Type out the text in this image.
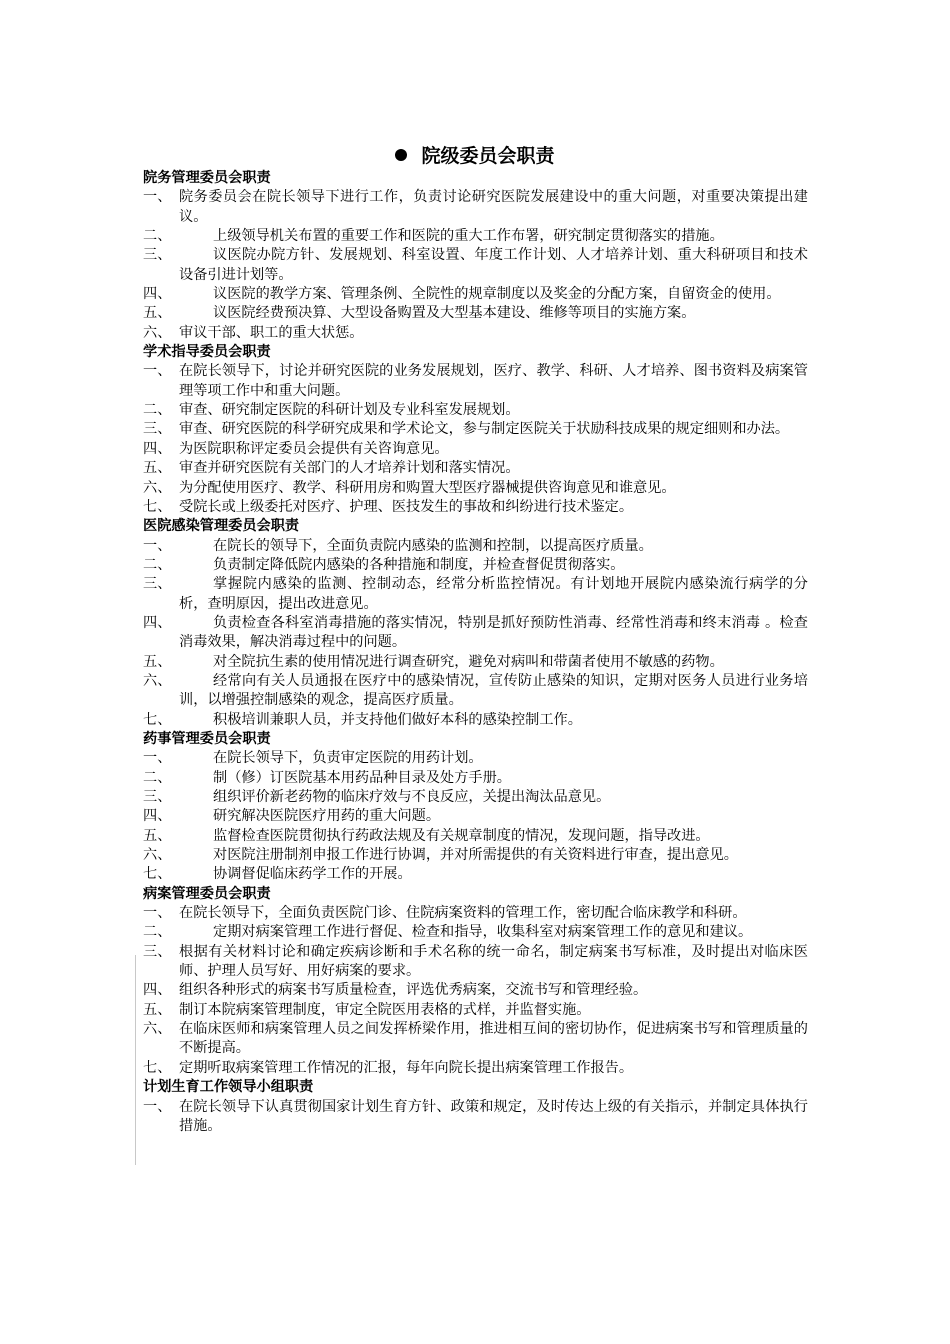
院级委员会职责

院务管理委员会职责

一、 院务委员会在院长领导下进行工作，负责讨论研究医院发展建设中的重大问题，对重要决策提出建议。

二、	上级领导机关布置的重要工作和医院的重大工作布署，研究制定贯彻落实的措施。

三、	议医院办院方针、发展规划、科室设置、年度工作计划、人才培养计划、重大科研项目和技术设备引进计划等。

四、	议医院的教学方案、管理条例、全院性的规章制度以及奖金的分配方案，自留资金的使用。

五、	议医院经费预决算、大型设备购置及大型基本建设、维修等项目的实施方案。

六、 审议干部、职工的重大状惩。

学术指导委员会职责

一、 在院长领导下，讨论并研究医院的业务发展规划，医疗、教学、科研、人才培养、图书资料及病案管理等项工作中和重大问题。

二、 审查、研究制定医院的科研计划及专业科室发展规划。

三、 审查、研究医院的科学研究成果和学术论文，参与制定医院关于状励科技成果的规定细则和办法。

四、 为医院职称评定委员会提供有关咨询意见。

五、 审查并研究医院有关部门的人才培养计划和落实情况。

六、 为分配使用医疗、教学、科研用房和购置大型医疗器械提供咨询意见和谁意见。

七、 受院长或上级委托对医疗、护理、医技发生的事故和纠纷进行技术鉴定。

医院感染管理委员会职责

一、	在院长的领导下，全面负责院内感染的监测和控制，以提高医疗质量。

二、	负责制定降低院内感染的各种措施和制度，并检查督促贯彻落实。

三、	掌握院内感染的监测、控制动态，经常分析监控情况。有计划地开展院内感染流行病学的分析，查明原因，提出改进意见。

四、	负责检查各科室消毒措施的落实情况，特别是抓好预防性消毒、经常性消毒和终末消毒 。检查消毒效果，解决消毒过程中的问题。

五、	对全院抗生素的使用情况进行调查研究，避免对病叫和带菌者使用不敏感的药物。

六、	经常向有关人员通报在医疗中的感染情况，宣传防止感染的知识，定期对医务人员进行业务培训，以增强控制感染的观念，提高医疗质量。

七、	积极培训兼职人员，并支持他们做好本科的感染控制工作。

药事管理委员会职责

一、	在院长领导下，负责审定医院的用药计划。

二、	制（修）订医院基本用药品种目录及处方手册。

三、	组织评价新老药物的临床疗效与不良反应，关提出淘汰品意见。

四、	研究解决医院医疗用药的重大问题。

五、	监督检查医院贯彻执行药政法规及有关规章制度的情况，发现问题，指导改进。

六、	对医院注册制剂申报工作进行协调，并对所需提供的有关资料进行审查，提出意见。

七、	协调督促临床药学工作的开展。

病案管理委员会职责

一、 在院长领导下，全面负责医院门诊、住院病案资料的管理工作，密切配合临床教学和科研。

二、	定期对病案管理工作进行督促、检查和指导，收集科室对病案管理工作的意见和建议。

三、 根据有关材料讨论和确定疾病诊断和手术名称的统一命名，制定病案书写标准，及时提出对临床医师、护理人员写好、用好病案的要求。

四、 组织各种形式的病案书写质量检查，评选优秀病案，交流书写和管理经验。

五、 制订本院病案管理制度，审定全院医用表格的式样，并监督实施。

六、 在临床医师和病案管理人员之间发挥桥梁作用，推进相互间的密切协作，促进病案书写和管理质量的不断提高。

七、 定期听取病案管理工作情况的汇报，每年向院长提出病案管理工作报告。

计划生育工作领导小组职责

一、 在院长领导下认真贯彻国家计划生育方针、政策和规定，及时传达上级的有关指示，并制定具体执行措施。
